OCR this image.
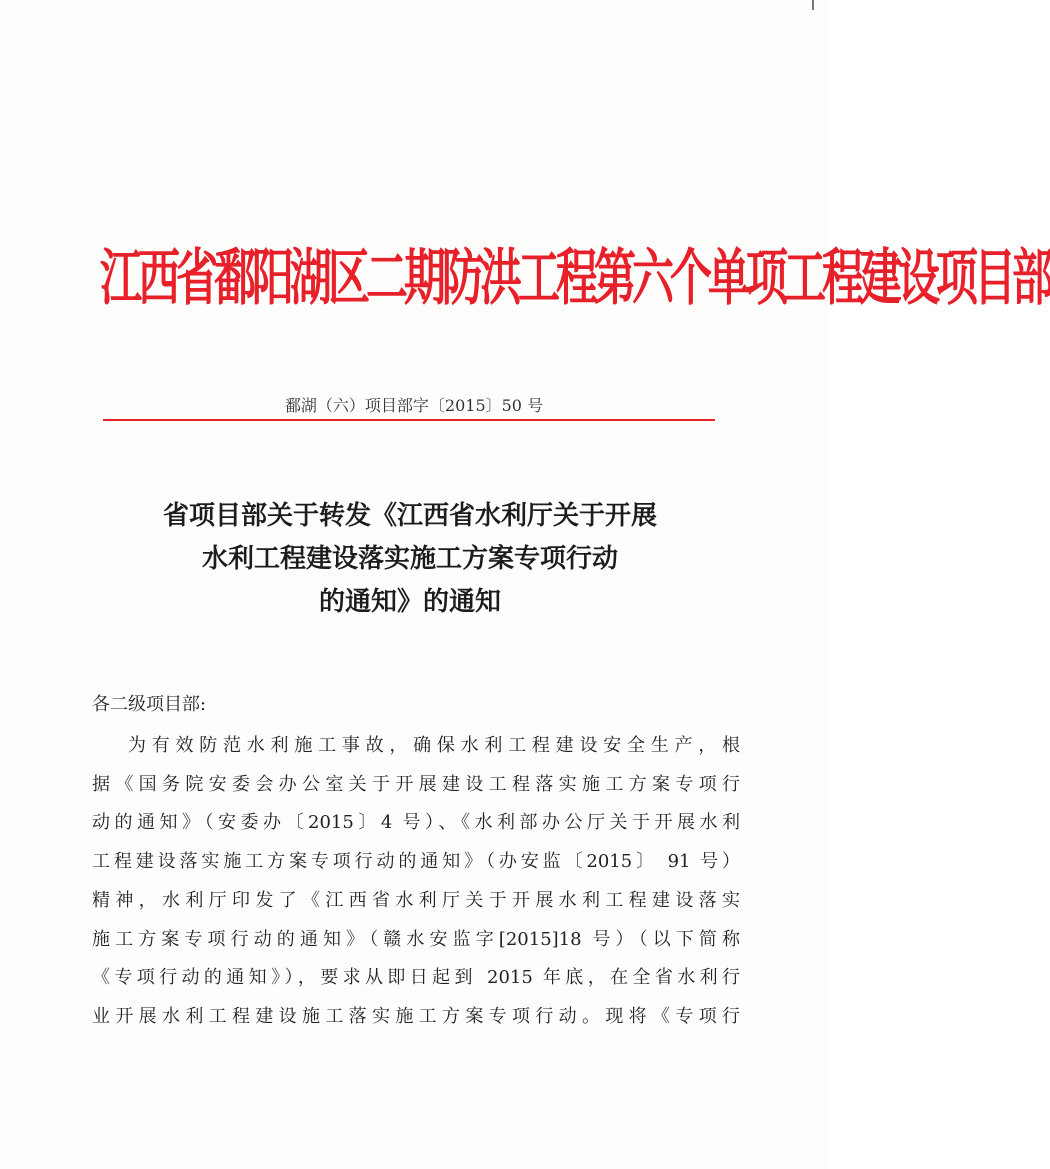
江西省鄱阳湖区二期防洪工程第六个单项工程建设项目部
鄱湖（六）项目部字〔2015〕50 号
省项目部关于转发《江西省水利厅关于开展
水利工程建设落实施工方案专项行动
的通知》的通知
各二级项目部:
为有效防范水利施工事故，确保水利工程建设安全生产，根
据《国务院安委会办公室关于开展建设工程落实施工方案专项行
动的通知》（安委办〔2015〕4 号）、《水利部办公厅关于开展水利
工程建设落实施工方案专项行动的通知》（办安监〔2015〕 91 号）
精神，水利厅印发了《江西省水利厅关于开展水利工程建设落实
施工方案专项行动的通知》（赣水安监字[2015]18 号）（以下简称
《专项行动的通知》），要求从即日起到 2015 年底，在全省水利行
业开展水利工程建设施工落实施工方案专项行动。现将《专项行
